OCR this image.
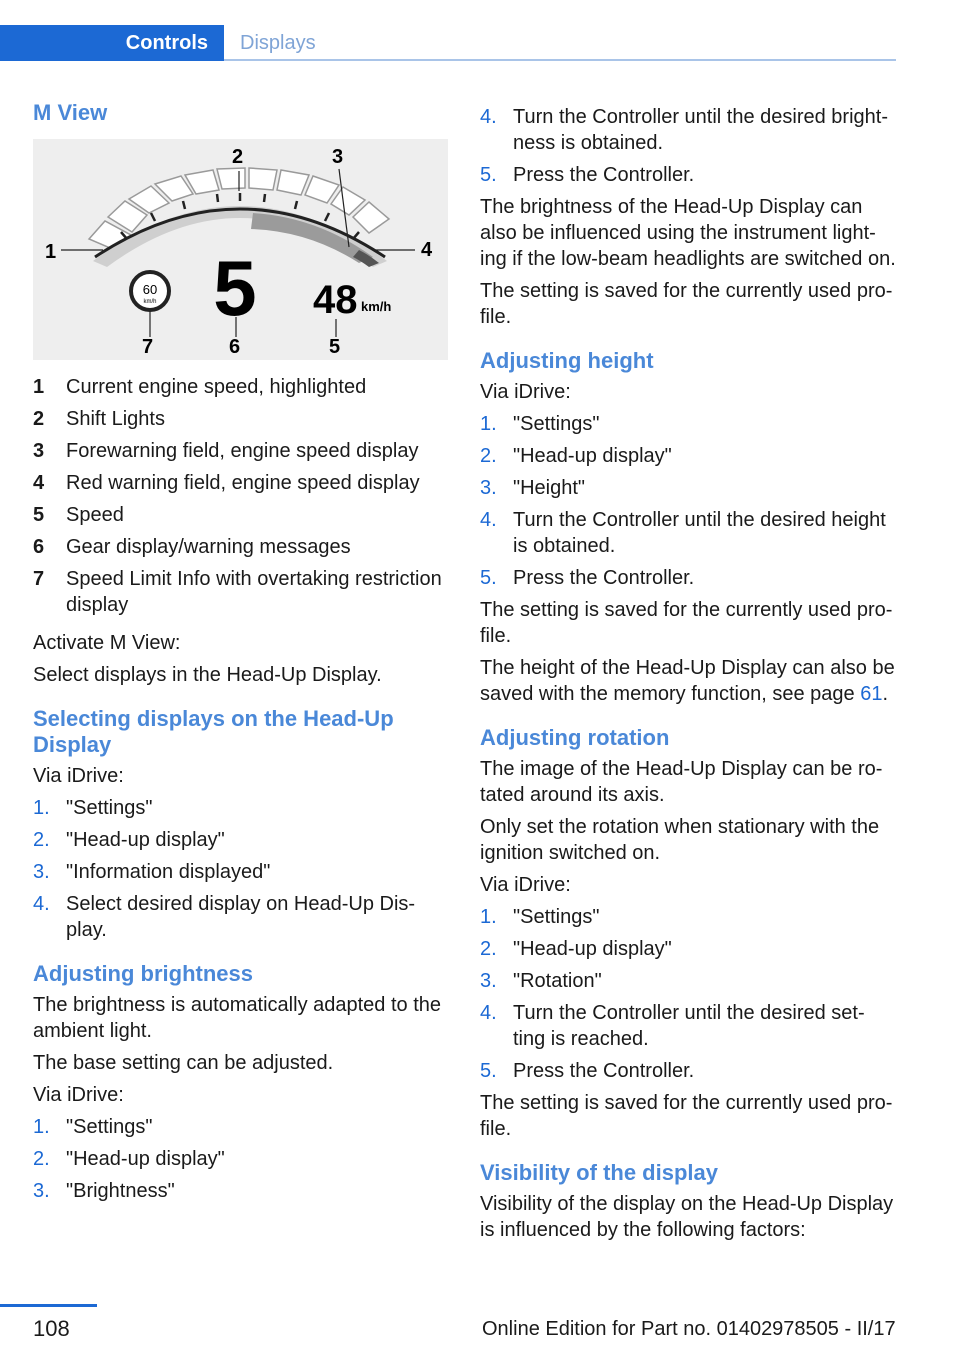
Controls Displays
M View
1
2	3
4
5
6
7
60
km/h 5 48 km/h
1 Current engine speed, highlighted
2 Shift Lights
3 Forewarning field, engine speed display
4 Red warning field, engine speed display
5 Speed
6 Gear display/warning messages
7 Speed Limit Info with overtaking restriction display

Activate M View:

Select displays in the Head-Up Display.

Selecting displays on the Head-Up Display

Via iDrive:

1. "Settings"
2. "Head-up display"
3. "Information displayed"
4. Select desired display on Head-Up Dis‐ play.
Adjusting brightness

The brightness is automatically adapted to the ambient light.

The base setting can be adjusted.

Via iDrive:

1. "Settings"
2. "Head-up display"
3. "Brightness"
4. Turn the Controller until the desired bright‐ ness is obtained.
5. Press the Controller.

The brightness of the Head-Up Display can also be influenced using the instrument light‐ ing if the low-beam headlights are switched on.

The setting is saved for the currently used pro‐ file.

Adjusting height

Via iDrive:

1. "Settings"
2. "Head-up display"
3. "Height"
4. Turn the Controller until the desired height is obtained.
5. Press the Controller.

The setting is saved for the currently used pro‐ file.

The height of the Head-Up Display can also be saved with the memory function, see page 61.

Adjusting rotation

The image of the Head-Up Display can be ro‐ tated around its axis.

Only set the rotation when stationary with the ignition switched on.

Via iDrive:

1. "Settings"
2. "Head-up display"
3. "Rotation"
4. Turn the Controller until the desired set‐ ting is reached.
5. Press the Controller.

The setting is saved for the currently used pro‐ file.

Visibility of the display

Visibility of the display on the Head-Up Display is influenced by the following factors:

108	Online Edition for Part no. 01402978505 - II/17
